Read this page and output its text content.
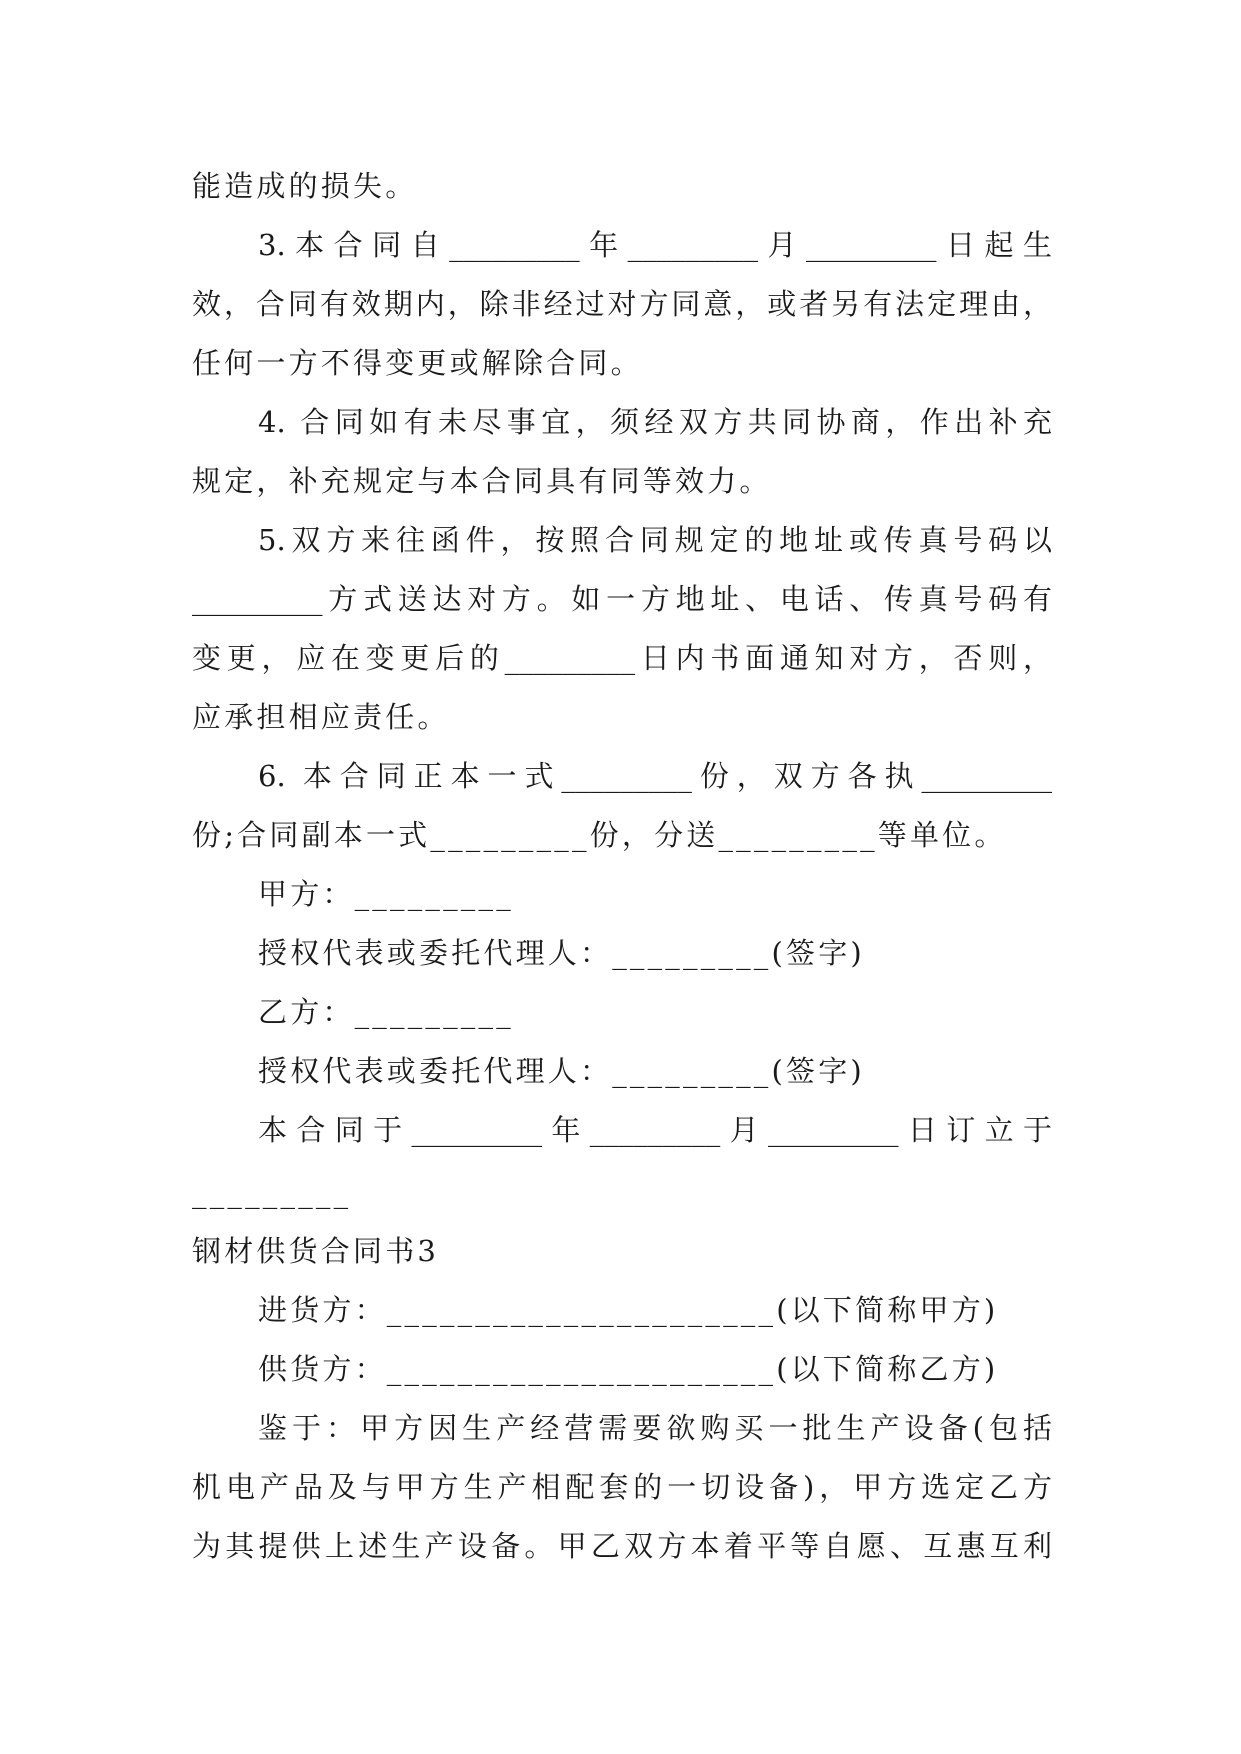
能造成的损失。
3.本合同自_________年_________月_________日起生
效，合同有效期内，除非经过对方同意，或者另有法定理由，
任何一方不得变更或解除合同。
4. 合同如有未尽事宜，须经双方共同协商，作出补充
规定，补充规定与本合同具有同等效力。
5.双方来往函件，按照合同规定的地址或传真号码以
_________方式送达对方。如一方地址、电话、传真号码有
变更，应在变更后的_________日内书面通知对方，否则，
应承担相应责任。
6. 本合同正本一式_________份，双方各执_________
份;合同副本一式_________份，分送_________等单位。
甲方：_________
授权代表或委托代理人：_________(签字)
乙方：_________
授权代表或委托代理人：_________(签字)
本合同于_________年_________月_________日订立于
_________
钢材供货合同书3
进货方：______________________(以下简称甲方)
供货方：______________________(以下简称乙方)
鉴于：甲方因生产经营需要欲购买一批生产设备(包括
机电产品及与甲方生产相配套的一切设备)，甲方选定乙方
为其提供上述生产设备。甲乙双方本着平等自愿、互惠互利
